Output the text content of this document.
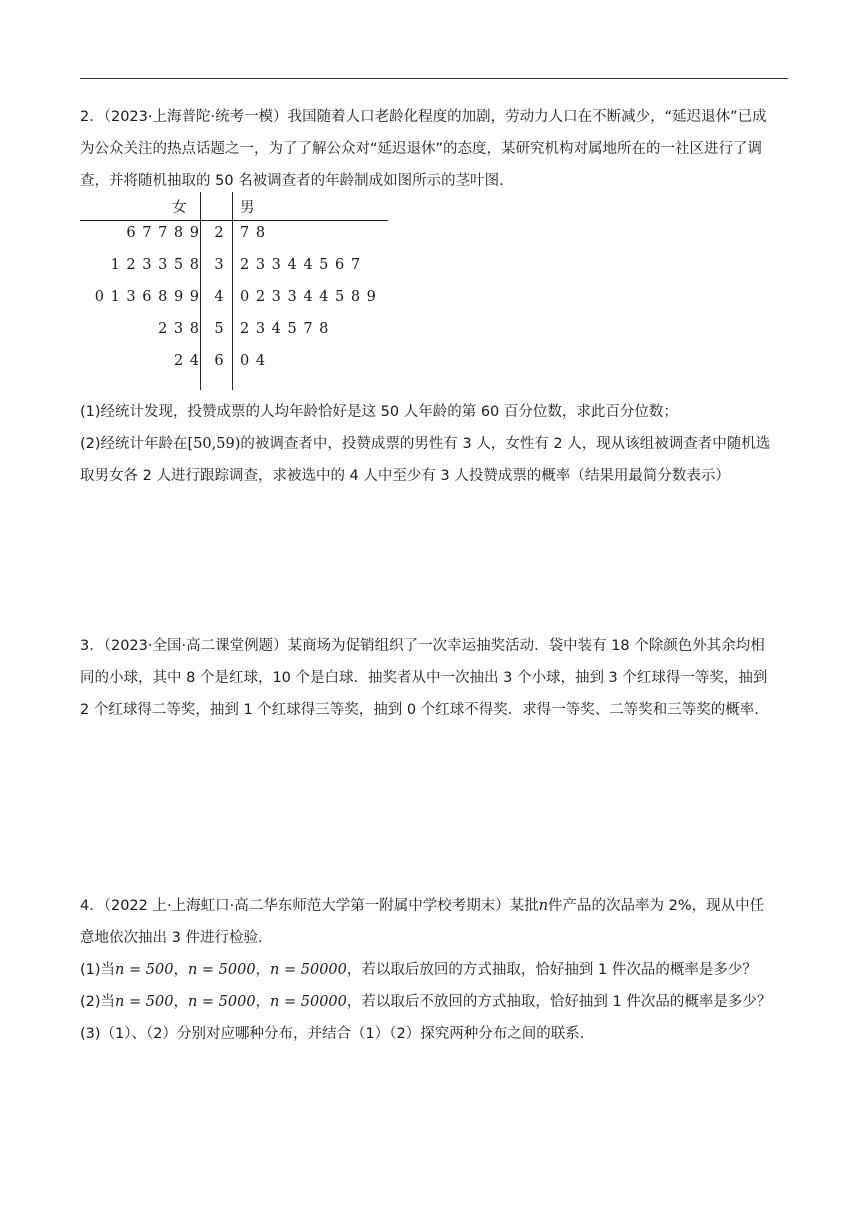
2．（2023·上海普陀·统考一模）我国随着人口老龄化程度的加剧，劳动力人口在不断减少，“延迟退休”已成
为公众关注的热点话题之一，为了了解公众对“延迟退休”的态度，某研究机构对属地所在的一社区进行了调
查，并将随机抽取的 50 名被调查者的年龄制成如图所示的茎叶图.
女	男
6 7 7 8 9 2 7 8
1 2 3 3 5 8 3 2 3 3 4 4 5 6 7
0 1 3 6 8 9 9 4 0 2 3 3 4 4 5 8 9
2 3 8 5 2 3 4 5 7 8
2 4 6 0 4
(1)经统计发现，投赞成票的人均年龄恰好是这 50 人年龄的第 60 百分位数，求此百分位数；
(2)经统计年龄在[50,59)的被调查者中，投赞成票的男性有 3 人，女性有 2 人，现从该组被调查者中随机选
取男女各 2 人进行跟踪调查，求被选中的 4 人中至少有 3 人投赞成票的概率（结果用最简分数表示）
3．（2023·全国·高二课堂例题）某商场为促销组织了一次幸运抽奖活动．袋中装有 18 个除颜色外其余均相
同的小球，其中 8 个是红球，10 个是白球．抽奖者从中一次抽出 3 个小球，抽到 3 个红球得一等奖，抽到
2 个红球得二等奖，抽到 1 个红球得三等奖，抽到 0 个红球不得奖．求得一等奖、二等奖和三等奖的概率.
4．（2022 上·上海虹口·高二华东师范大学第一附属中学校考期末）某批n件产品的次品率为 2%，现从中任
意地依次抽出 3 件进行检验.
(1)当n = 500，n = 5000，n = 50000，若以取后放回的方式抽取，恰好抽到 1 件次品的概率是多少？
(2)当n = 500，n = 5000，n = 50000，若以取后不放回的方式抽取，恰好抽到 1 件次品的概率是多少？
(3)（1）、（2）分别对应哪种分布，并结合（1）（2）探究两种分布之间的联系.
